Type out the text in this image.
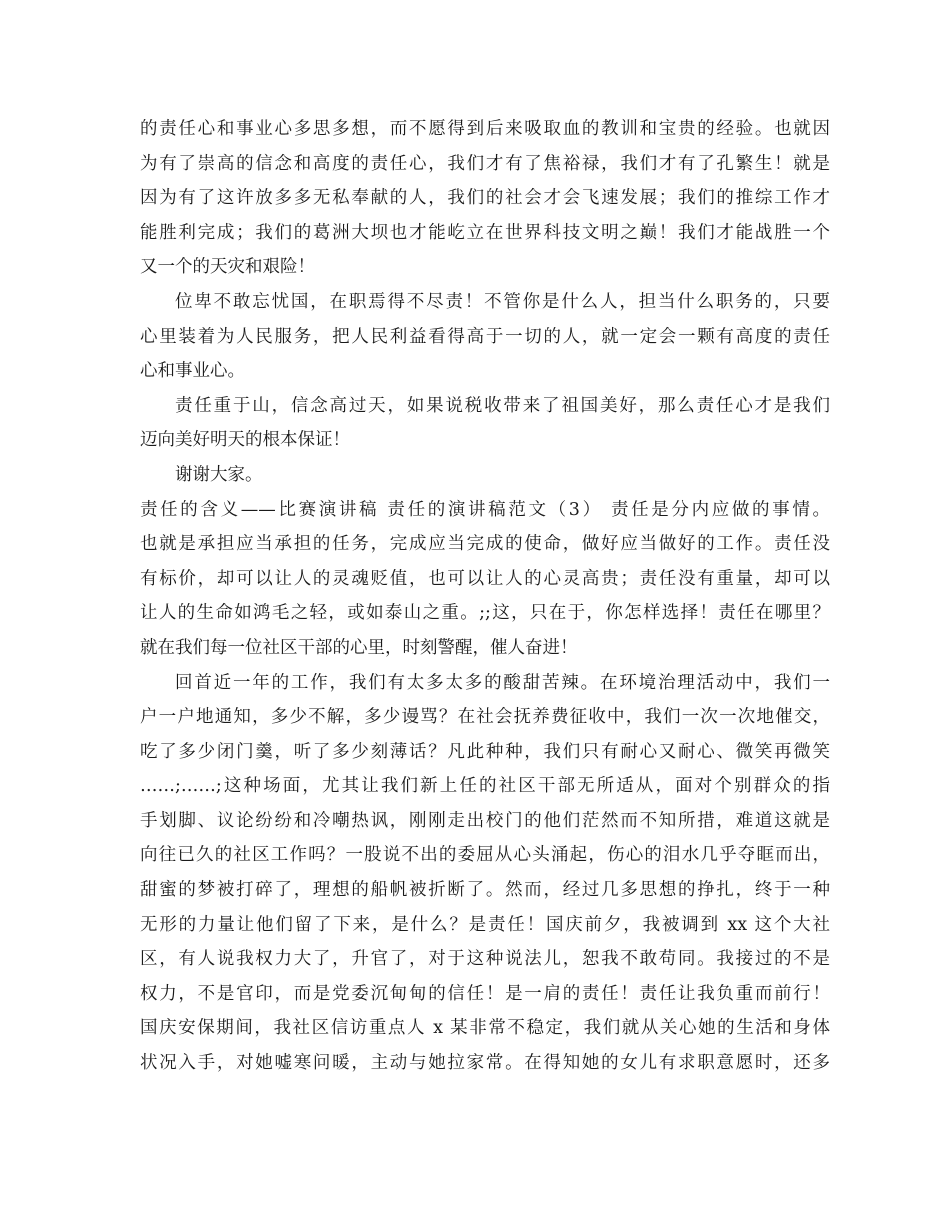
的责任心和事业心多思多想，而不愿得到后来吸取血的教训和宝贵的经验。也就因
为有了崇高的信念和高度的责任心，我们才有了焦裕禄，我们才有了孔繁生！就是
因为有了这许放多多无私奉献的人，我们的社会才会飞速发展；我们的推综工作才
能胜利完成；我们的葛洲大坝也才能屹立在世界科技文明之巅！我们才能战胜一个
又一个的天灾和艰险！
位卑不敢忘忧国，在职焉得不尽责！不管你是什么人，担当什么职务的，只要
心里装着为人民服务，把人民利益看得高于一切的人，就一定会一颗有高度的责任
心和事业心。
责任重于山，信念高过天，如果说税收带来了祖国美好，那么责任心才是我们
迈向美好明天的根本保证！
谢谢大家。
责任的含义——比赛演讲稿 责任的演讲稿范文（3） 责任是分内应做的事情。
也就是承担应当承担的任务，完成应当完成的使命，做好应当做好的工作。责任没
有标价，却可以让人的灵魂贬值，也可以让人的心灵高贵；责任没有重量，却可以
让人的生命如鸿毛之轻，或如泰山之重。;;这，只在于，你怎样选择！责任在哪里？
就在我们每一位社区干部的心里，时刻警醒，催人奋进！
回首近一年的工作，我们有太多太多的酸甜苦辣。在环境治理活动中，我们一
户一户地通知，多少不解，多少谩骂？在社会抚养费征收中，我们一次一次地催交，
吃了多少闭门羹，听了多少刻薄话？凡此种种，我们只有耐心又耐心、微笑再微笑
……;……;这种场面，尤其让我们新上任的社区干部无所适从，面对个别群众的指
手划脚、议论纷纷和冷嘲热讽，刚刚走出校门的他们茫然而不知所措，难道这就是
向往已久的社区工作吗？一股说不出的委屈从心头涌起，伤心的泪水几乎夺眶而出，
甜蜜的梦被打碎了，理想的船帆被折断了。然而，经过几多思想的挣扎，终于一种
无形的力量让他们留了下来，是什么？是责任！国庆前夕，我被调到 xx 这个大社
区，有人说我权力大了，升官了，对于这种说法儿，恕我不敢苟同。我接过的不是
权力，不是官印，而是党委沉甸甸的信任！是一肩的责任！责任让我负重而前行！
国庆安保期间，我社区信访重点人 x 某非常不稳定，我们就从关心她的生活和身体
状况入手，对她嘘寒问暖，主动与她拉家常。在得知她的女儿有求职意愿时，还多
